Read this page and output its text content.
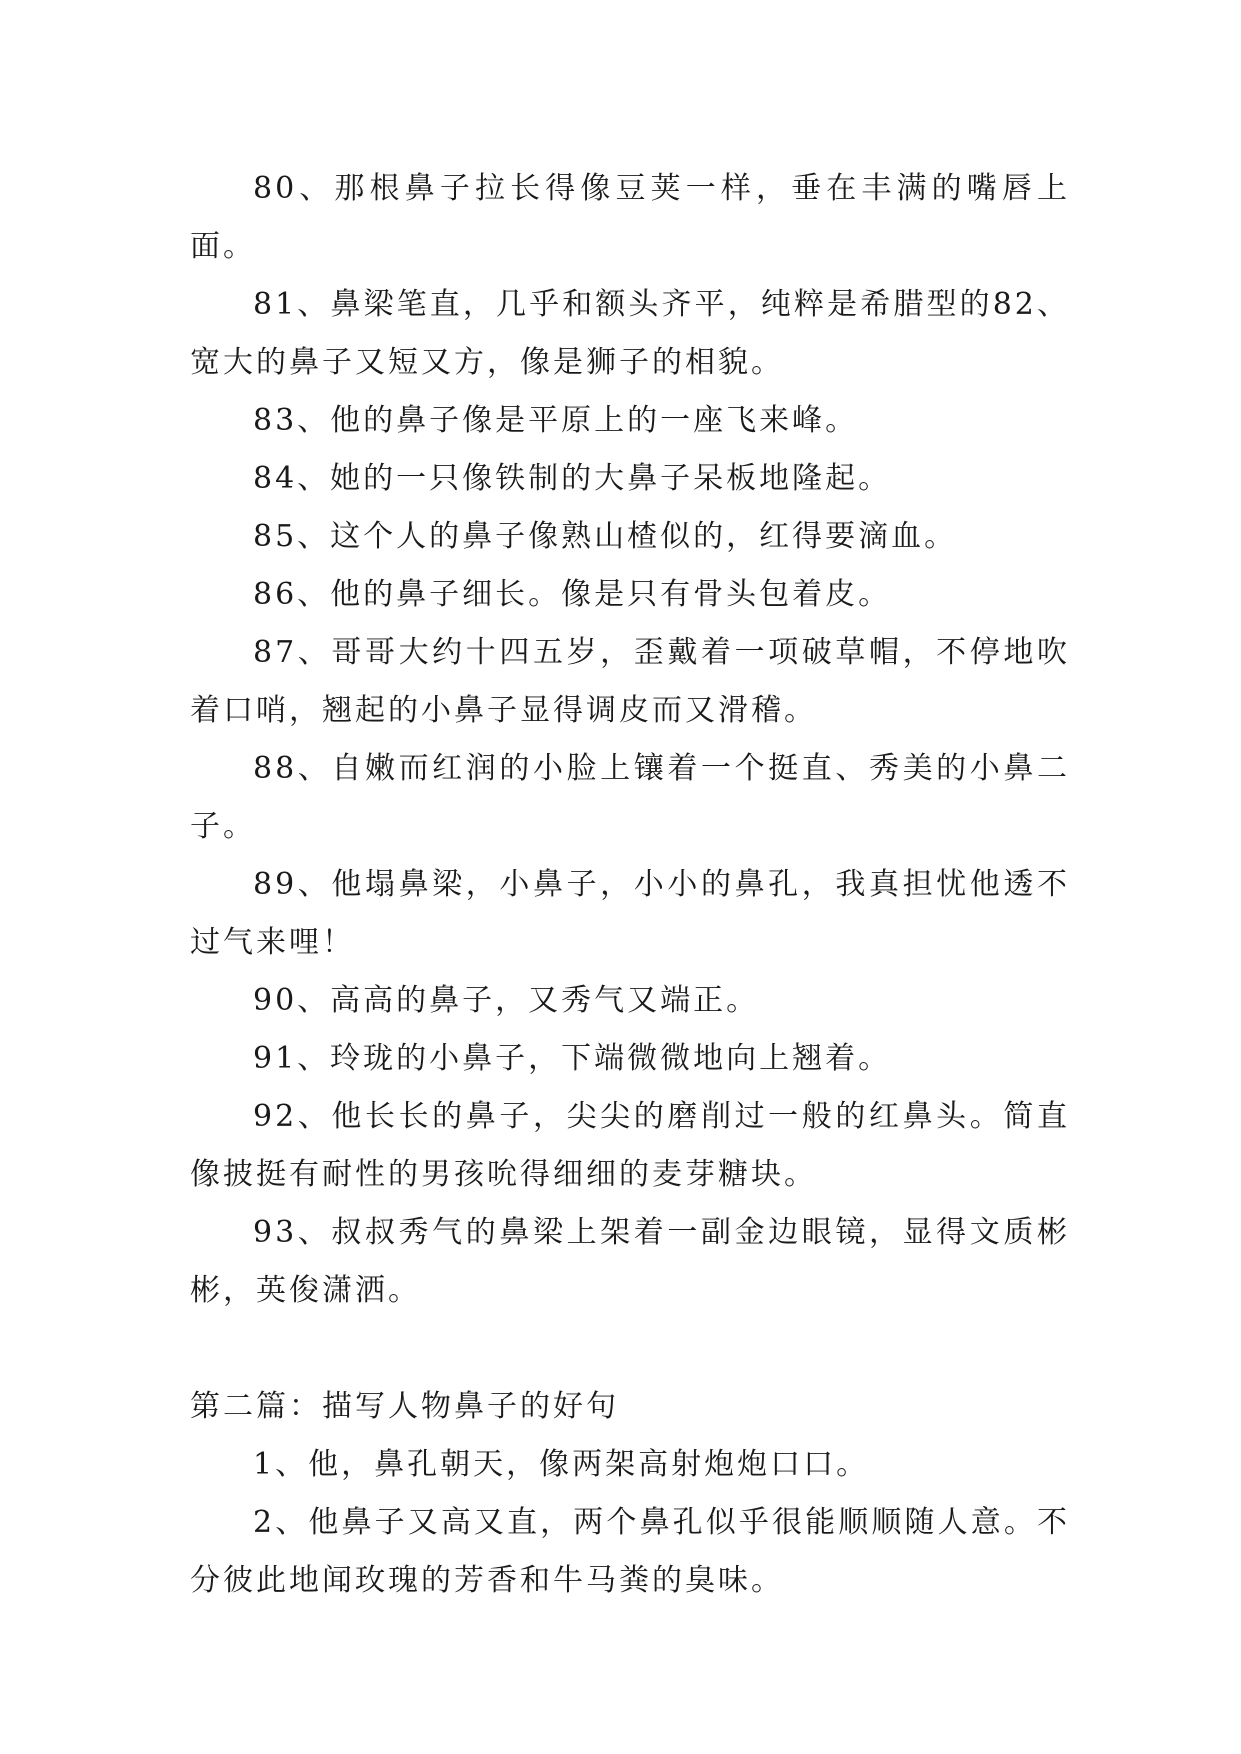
80、那根鼻子拉长得像豆荚一样，垂在丰满的嘴唇上面。

81、鼻梁笔直，几乎和额头齐平，纯粹是希腊型的82、宽大的鼻子又短又方，像是狮子的相貌。

83、他的鼻子像是平原上的一座飞来峰。

84、她的一只像铁制的大鼻子呆板地隆起。

85、这个人的鼻子像熟山楂似的，红得要滴血。

86、他的鼻子细长。像是只有骨头包着皮。

87、哥哥大约十四五岁，歪戴着一项破草帽，不停地吹着口哨，翘起的小鼻子显得调皮而又滑稽。

88、自嫩而红润的小脸上镶着一个挺直、秀美的小鼻二子。

89、他塌鼻梁，小鼻子，小小的鼻孔，我真担忧他透不过气来哩！

90、高高的鼻子，又秀气又端正。

91、玲珑的小鼻子，下端微微地向上翘着。

92、他长长的鼻子，尖尖的磨削过一般的红鼻头。简直像披挺有耐性的男孩吮得细细的麦芽糖块。

93、叔叔秀气的鼻梁上架着一副金边眼镜，显得文质彬彬，英俊潇洒。

第二篇：描写人物鼻子的好句

1、他，鼻孔朝天，像两架高射炮炮口口。

2、他鼻子又高又直，两个鼻孔似乎很能顺顺随人意。不分彼此地闻玫瑰的芳香和牛马粪的臭味。
